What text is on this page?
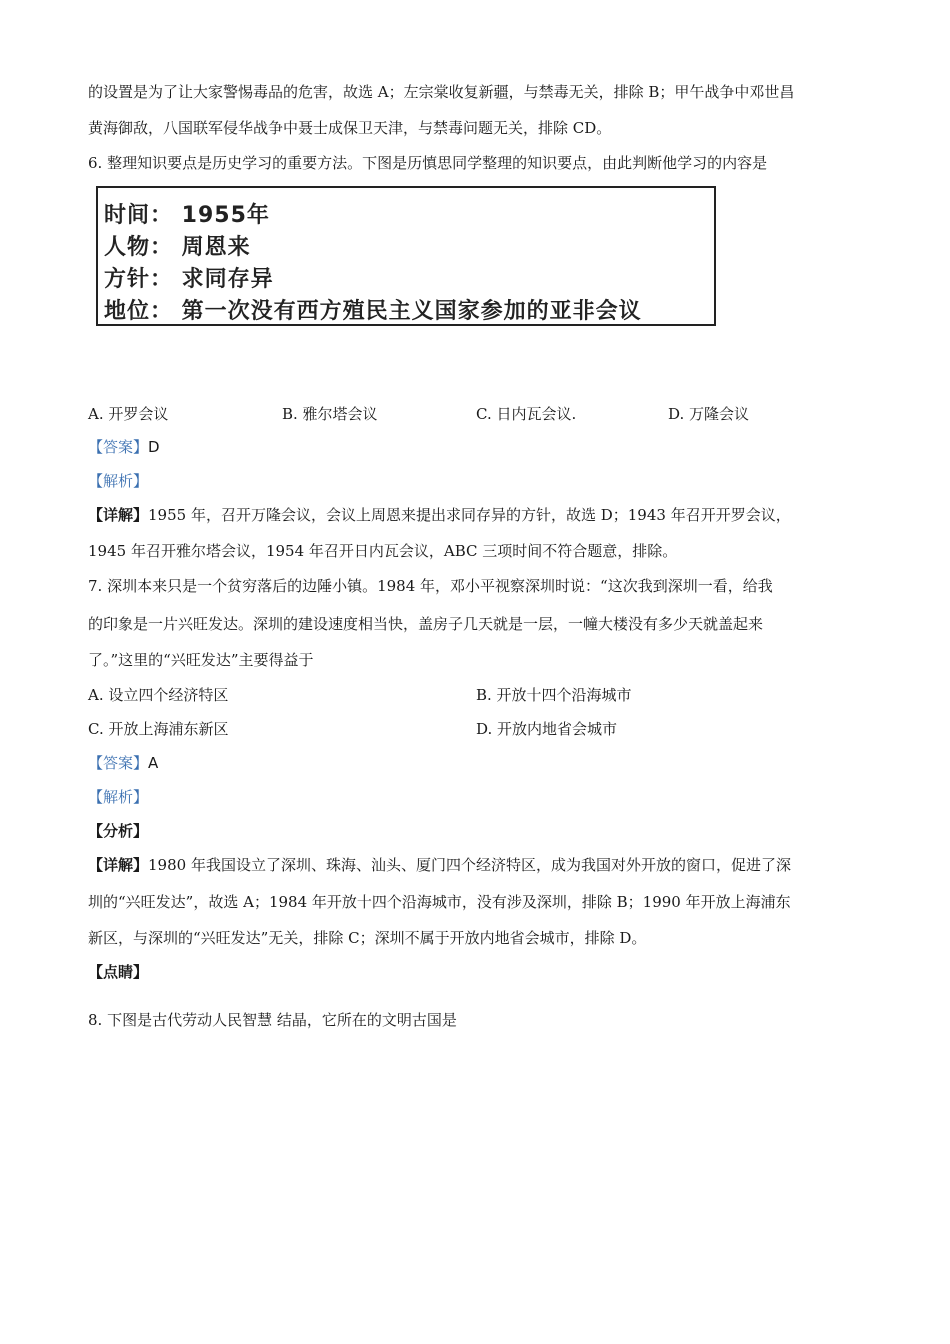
的设置是为了让大家警惕毒品的危害，故选 A；左宗棠收复新疆，与禁毒无关，排除 B；甲午战争中邓世昌
黄海御敌，八国联军侵华战争中聂士成保卫天津，与禁毒问题无关，排除 CD。
6. 整理知识要点是历史学习的重要方法。下图是历慎思同学整理的知识要点，由此判断他学习的内容是
时间： 1955年
人物： 周恩来
方针： 求同存异
地位： 第一次没有西方殖民主义国家参加的亚非会议
A. 开罗会议	B. 雅尔塔会议	C. 日内瓦会议.	D. 万隆会议
【答案】D
【解析】
【详解】1955 年，召开万隆会议，会议上周恩来提出求同存异的方针，故选 D；1943 年召开开罗会议，
1945 年召开雅尔塔会议，1954 年召开日内瓦会议，ABC 三项时间不符合题意，排除。
7. 深圳本来只是一个贫穷落后的边陲小镇。1984 年，邓小平视察深圳时说：“这次我到深圳一看，给我
的印象是一片兴旺发达。深圳的建设速度相当快，盖房子几天就是一层，一幢大楼没有多少天就盖起来
了。”这里的“兴旺发达”主要得益于
A. 设立四个经济特区	B. 开放十四个沿海城市
C. 开放上海浦东新区	D. 开放内地省会城市
【答案】A
【解析】
【分析】
【详解】1980 年我国设立了深圳、珠海、汕头、厦门四个经济特区，成为我国对外开放的窗口，促进了深
圳的“兴旺发达”，故选 A；1984 年开放十四个沿海城市，没有涉及深圳，排除 B；1990 年开放上海浦东
新区，与深圳的“兴旺发达”无关，排除 C；深圳不属于开放内地省会城市，排除 D。
【点睛】
8. 下图是古代劳动人民智慧 结晶，它所在的文明古国是
